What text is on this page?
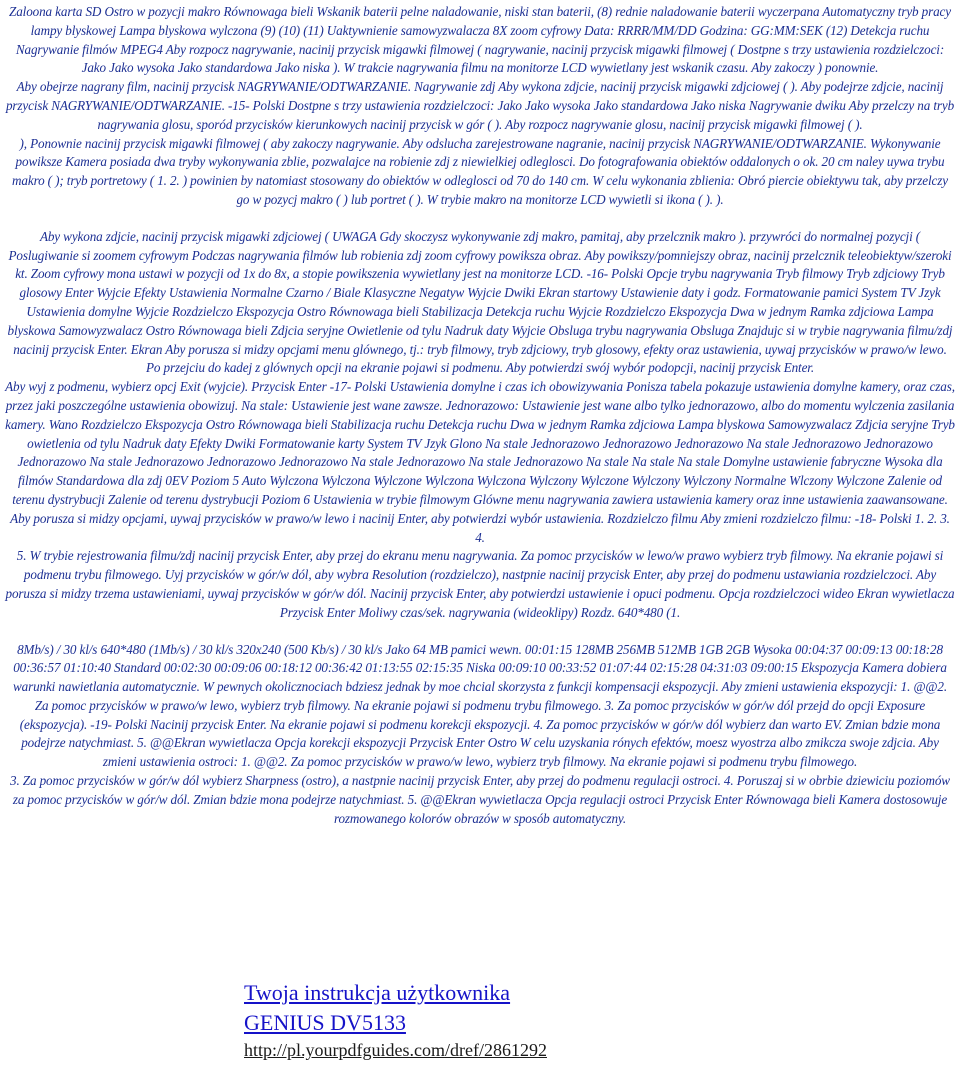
Zaloona karta SD Ostro w pozycji makro Równowaga bieli Wskanik baterii pelne naladowanie, niski stan baterii, (8) rednie naladowanie baterii wyczerpana Automatyczny tryb pracy lampy blyskowej Lampa blyskowa wylczona (9) (10) (11) Uaktywnienie samowyzwalacza 8X zoom cyfrowy Data: RRRR/MM/DD Godzina: GG:MM:SEK (12) Detekcja ruchu Nagrywanie filmów MPEG4 Aby rozpocz nagrywanie, nacinij przycisk migawki filmowej ( nagrywanie, nacinij przycisk migawki filmowej ( Dostpne s trzy ustawienia rozdzielczoci: Jako Jako wysoka Jako standardowa Jako niska ). W trakcie nagrywania filmu na monitorze LCD wywietlany jest wskanik czasu. Aby zakoczy ) ponownie.

Aby obejrze nagrany film, nacinij przycisk NAGRYWANIE/ODTWARZANIE. Nagrywanie zdj Aby wykona zdjcie, nacinij przycisk migawki zdjciowej ( ). Aby podejrze zdjcie, nacinij przycisk NAGRYWANIE/ODTWARZANIE. -15- Polski Dostpne s trzy ustawienia rozdzielczoci: Jako Jako wysoka Jako standardowa Jako niska Nagrywanie dwiku Aby przelczy na tryb nagrywania glosu, sporód przycisków kierunkowych nacinij przycisk w gór ( ). Aby rozpocz nagrywanie glosu, nacinij przycisk migawki filmowej ( ).

), Ponownie nacinij przycisk migawki filmowej ( aby zakoczy nagrywanie. Aby odslucha zarejestrowane nagranie, nacinij przycisk NAGRYWANIE/ODTWARZANIE. Wykonywanie powiksze Kamera posiada dwa tryby wykonywania zblie, pozwalajce na robienie zdj z niewielkiej odleglosci. Do fotografowania obiektów oddalonych o ok. 20 cm naley uywa trybu makro ( ); tryb portretowy ( 1. 2. ) powinien by natomiast stosowany do obiektów w odleglosci od 70 do 140 cm. W celu wykonania zblienia: Obró piercie obiektywu tak, aby przelczy go w pozycj makro ( ) lub portret ( ). W trybie makro na monitorze LCD wywietli si ikona ( ). ).

Aby wykona zdjcie, nacinij przycisk migawki zdjciowej ( UWAGA Gdy skoczysz wykonywanie zdj makro, pamitaj, aby przelcznik makro ). przywróci do normalnej pozycji ( Poslugiwanie si zoomem cyfrowym Podczas nagrywania filmów lub robienia zdj zoom cyfrowy powiksza obraz. Aby powikszy/pomniejszy obraz, nacinij przelcznik teleobiektyw/szeroki kt. Zoom cyfrowy mona ustawi w pozycji od 1x do 8x, a stopie powikszenia wywietlany jest na monitorze LCD. -16- Polski Opcje trybu nagrywania Tryb filmowy Tryb zdjciowy Tryb glosowy Enter Wyjcie Efekty Ustawienia Normalne Czarno / Biale Klasyczne Negatyw Wyjcie Dwiki Ekran startowy Ustawienie daty i godz. Formatowanie pamici System TV Jzyk Ustawienia domylne Wyjcie Rozdzielczo Ekspozycja Ostro Równowaga bieli Stabilizacja Detekcja ruchu Wyjcie Rozdzielczo Ekspozycja Dwa w jednym Ramka zdjciowa Lampa blyskowa Samowyzwalacz Ostro Równowaga bieli Zdjcia seryjne Owietlenie od tylu Nadruk daty Wyjcie Obsluga trybu nagrywania Obsluga Znajdujc si w trybie nagrywania filmu/zdj nacinij przycisk Enter. Ekran Aby porusza si midzy opcjami menu glównego, tj.: tryb filmowy, tryb zdjciowy, tryb glosowy, efekty oraz ustawienia, uywaj przycisków w prawo/w lewo. Po przejciu do kadej z glównych opcji na ekranie pojawi si podmenu. Aby potwierdzi swój wybór podopcji, nacinij przycisk Enter.

Aby wyj z podmenu, wybierz opcj Exit (wyjcie). Przycisk Enter -17- Polski Ustawienia domylne i czas ich obowizywania Ponisza tabela pokazuje ustawienia domylne kamery, oraz czas, przez jaki poszczególne ustawienia obowizuj. Na stale: Ustawienie jest wane zawsze. Jednorazowo: Ustawienie jest wane albo tylko jednorazowo, albo do momentu wylczenia zasilania kamery. Wano Rozdzielczo Ekspozycja Ostro Równowaga bieli Stabilizacja ruchu Detekcja ruchu Dwa w jednym Ramka zdjciowa Lampa blyskowa Samowyzwalacz Zdjcia seryjne Tryb owietlenia od tylu Nadruk daty Efekty Dwiki Formatowanie karty System TV Jzyk Glono Na stale Jednorazowo Jednorazowo Jednorazowo Na stale Jednorazowo Jednorazowo Jednorazowo Na stale Jednorazowo Jednorazowo Jednorazowo Na stale Jednorazowo Na stale Jednorazowo Na stale Na stale Na stale Domylne ustawienie fabryczne Wysoka dla filmów Standardowa dla zdj 0EV Poziom 5 Auto Wylczona Wylczona Wylczone Wylczona Wylczona Wylczony Wylczone Wylczony Wylczony Normalne Wlczony Wylczone Zalenie od terenu dystrybucji Zalenie od terenu dystrybucji Poziom 6 Ustawienia w trybie filmowym Glówne menu nagrywania zawiera ustawienia kamery oraz inne ustawienia zaawansowane.

Aby porusza si midzy opcjami, uywaj przycisków w prawo/w lewo i nacinij Enter, aby potwierdzi wybór ustawienia. Rozdzielczo filmu Aby zmieni rozdzielczo filmu: -18- Polski 1. 2. 3. 4.

5. W trybie rejestrowania filmu/zdj nacinij przycisk Enter, aby przej do ekranu menu nagrywania. Za pomoc przycisków w lewo/w prawo wybierz tryb filmowy. Na ekranie pojawi si podmenu trybu filmowego. Uyj przycisków w gór/w dól, aby wybra Resolution (rozdzielczo), nastpnie nacinij przycisk Enter, aby przej do podmenu ustawiania rozdzielczoci. Aby porusza si midzy trzema ustawieniami, uywaj przycisków w gór/w dól. Nacinij przycisk Enter, aby potwierdzi ustawienie i opuci podmenu. Opcja rozdzielczoci wideo Ekran wywietlacza Przycisk Enter Moliwy czas/sek. nagrywania (wideoklipy) Rozdz. 640*480 (1.

8Mb/s) / 30 kl/s 640*480 (1Mb/s) / 30 kl/s 320x240 (500 Kb/s) / 30 kl/s Jako 64 MB pamici wewn. 00:01:15 128MB 256MB 512MB 1GB 2GB Wysoka 00:04:37 00:09:13 00:18:28 00:36:57 01:10:40 Standard 00:02:30 00:09:06 00:18:12 00:36:42 01:13:55 02:15:35 Niska 00:09:10 00:33:52 01:07:44 02:15:28 04:31:03 09:00:15 Ekspozycja Kamera dobiera warunki nawietlania automatycznie. W pewnych okolicznociach bdziesz jednak by moe chcial skorzysta z funkcji kompensacji ekspozycji. Aby zmieni ustawienia ekspozycji: 1. @@2. Za pomoc przycisków w prawo/w lewo, wybierz tryb filmowy. Na ekranie pojawi si podmenu trybu filmowego. 3. Za pomoc przycisków w gór/w dól przejd do opcji Exposure (ekspozycja). -19- Polski Nacinij przycisk Enter. Na ekranie pojawi si podmenu korekcji ekspozycji. 4. Za pomoc przycisków w gór/w dól wybierz dan warto EV. Zmian bdzie mona podejrze natychmiast. 5. @@Ekran wywietlacza Opcja korekcji ekspozycji Przycisk Enter Ostro W celu uzyskania rónych efektów, moesz wyostrza albo zmikcza swoje zdjcia. Aby zmieni ustawienia ostroci: 1. @@2. Za pomoc przycisków w prawo/w lewo, wybierz tryb filmowy. Na ekranie pojawi si podmenu trybu filmowego.

3. Za pomoc przycisków w gór/w dól wybierz Sharpness (ostro), a nastpnie nacinij przycisk Enter, aby przej do podmenu regulacji ostroci. 4. Poruszaj si w obrbie dziewiciu poziomów za pomoc przycisków w gór/w dól. Zmian bdzie mona podejrze natychmiast. 5. @@Ekran wywietlacza Opcja regulacji ostroci Przycisk Enter Równowaga bieli Kamera dostosowuje rozmowanego kolorów obrazów w sposób automatyczny.

Twoja instrukcja użytkownika
GENIUS DV5133
http://pl.yourpdfguides.com/dref/2861292
